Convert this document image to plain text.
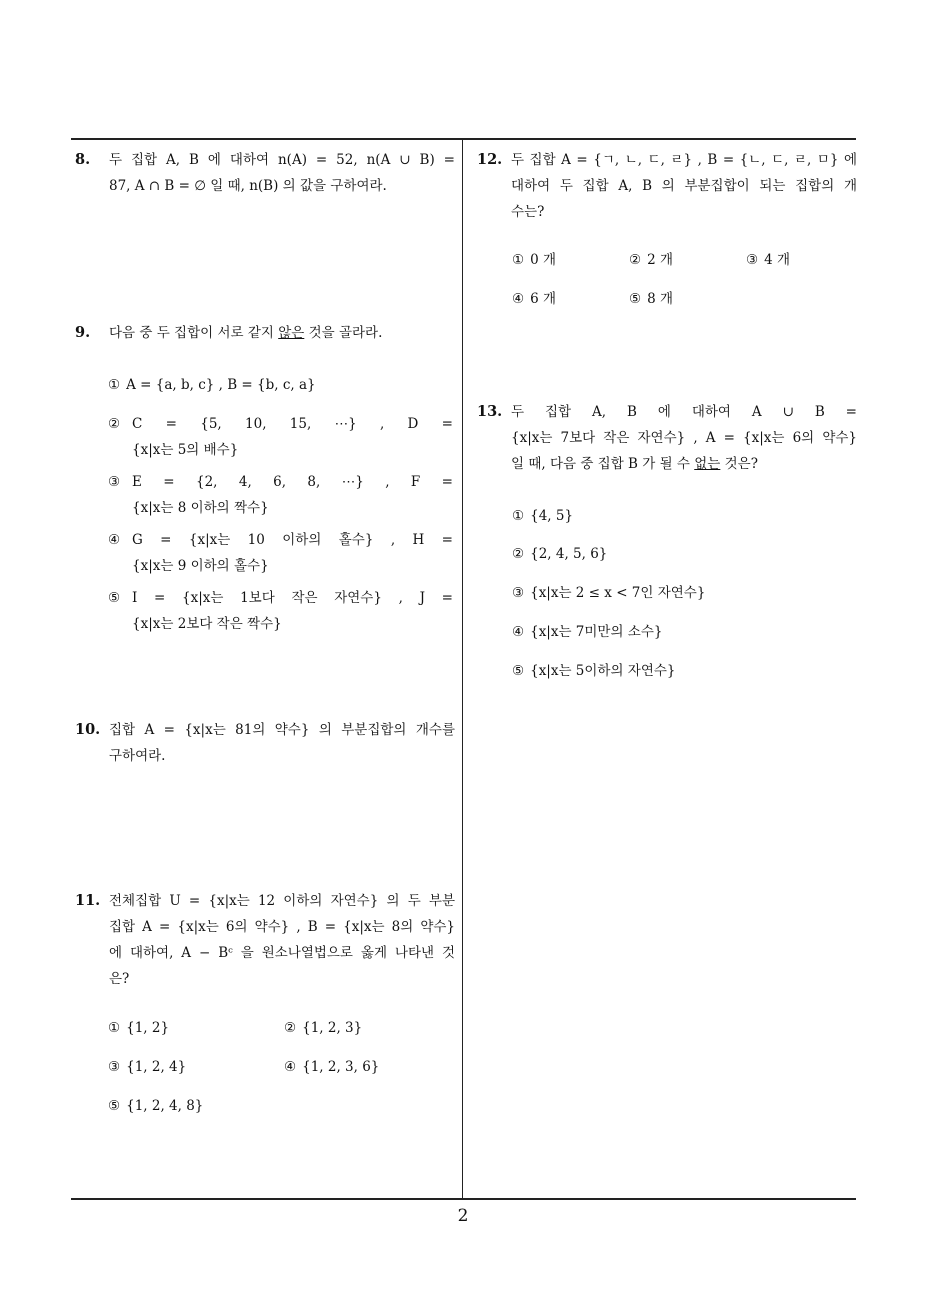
8. 두 집합 A, B 에 대하여 n(A) = 52, n(A ∪ B) =
87, A ∩ B = ∅ 일 때, n(B) 의 값을 구하여라.
9. 다음 중 두 집합이 서로 같지 않은 것을 골라라.
① A = {a, b, c} , B = {b, c, a}
② C = {5, 10, 15, ⋯} , D =
{x|x는 5의 배수}
③ E = {2, 4, 6, 8, ⋯} , F =
{x|x는 8 이하의 짝수}
④ G = {x|x는 10 이하의 홀수} , H =
{x|x는 9 이하의 홀수}
⑤ I = {x|x는 1보다 작은 자연수} , J =
{x|x는 2보다 작은 짝수}
10. 집합 A = {x|x는 81의 약수} 의 부분집합의 개수를
구하여라.
11. 전체집합 U = {x|x는 12 이하의 자연수} 의 두 부분
집합 A = {x|x는 6의 약수} , B = {x|x는 8의 약수}
에 대하여, A − Bᶜ 을 원소나열법으로 옳게 나타낸 것
은?
① {1, 2}	② {1, 2, 3}
③ {1, 2, 4}	④ {1, 2, 3, 6}
⑤ {1, 2, 4, 8}
12. 두 집합 A = {ㄱ, ㄴ, ㄷ, ㄹ} , B = {ㄴ, ㄷ, ㄹ, ㅁ} 에
대하여 두 집합 A, B 의 부분집합이 되는 집합의 개
수는?
① 0 개	② 2 개	③ 4 개
④ 6 개	⑤ 8 개
13. 두 집합 A, B 에 대하여 A ∪ B =
{x|x는 7보다 작은 자연수} , A = {x|x는 6의 약수}
일 때, 다음 중 집합 B 가 될 수 없는 것은?
① {4, 5}
② {2, 4, 5, 6}
③ {x|x는 2 ≤ x < 7인 자연수}
④ {x|x는 7미만의 소수}
⑤ {x|x는 5이하의 자연수}
2
